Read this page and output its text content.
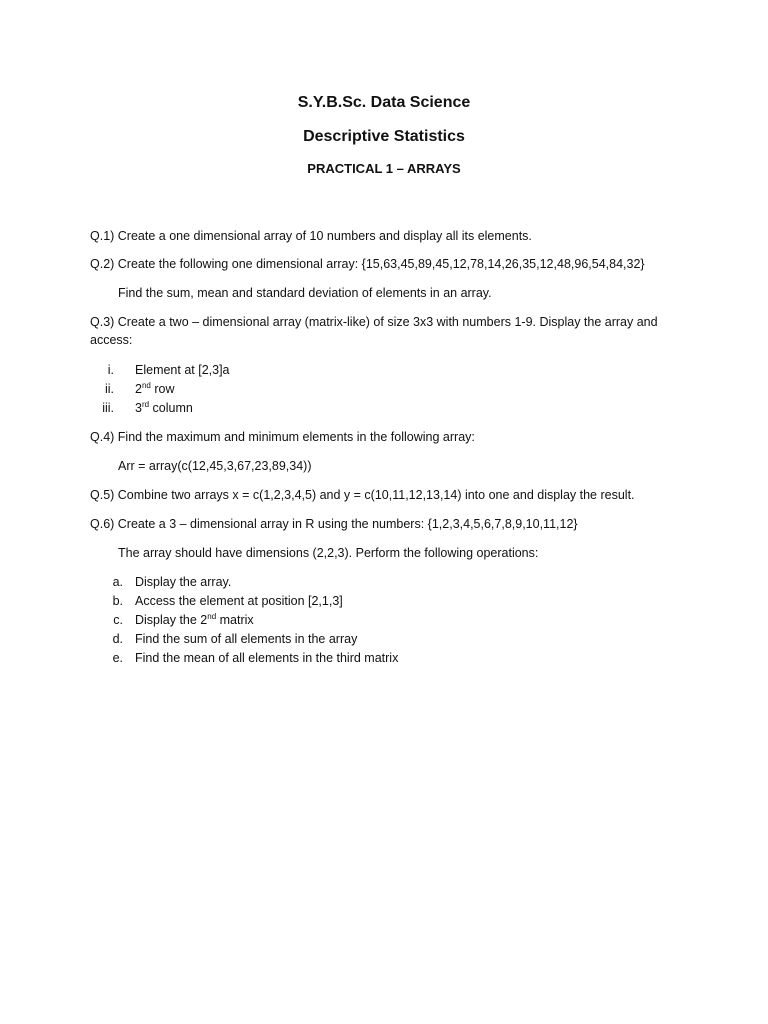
S.Y.B.Sc. Data Science
Descriptive Statistics
PRACTICAL 1 – ARRAYS
Q.1) Create a one dimensional array of 10 numbers and display all its elements.
Q.2) Create the following one dimensional array: {15,63,45,89,45,12,78,14,26,35,12,48,96,54,84,32}
Find the sum, mean and standard deviation of elements in an array.
Q.3) Create a two – dimensional array (matrix-like) of size 3x3 with numbers 1-9. Display the array and access:
i. Element at [2,3]a
ii. 2nd row
iii. 3rd column
Q.4) Find the maximum and minimum elements in the following array:
Arr = array(c(12,45,3,67,23,89,34))
Q.5) Combine two arrays x = c(1,2,3,4,5) and y = c(10,11,12,13,14) into one and display the result.
Q.6) Create a 3 – dimensional array in R using the numbers: {1,2,3,4,5,6,7,8,9,10,11,12}
The array should have dimensions (2,2,3). Perform the following operations:
a. Display the array.
b. Access the element at position [2,1,3]
c. Display the 2nd matrix
d. Find the sum of all elements in the array
e. Find the mean of all elements in the third matrix
